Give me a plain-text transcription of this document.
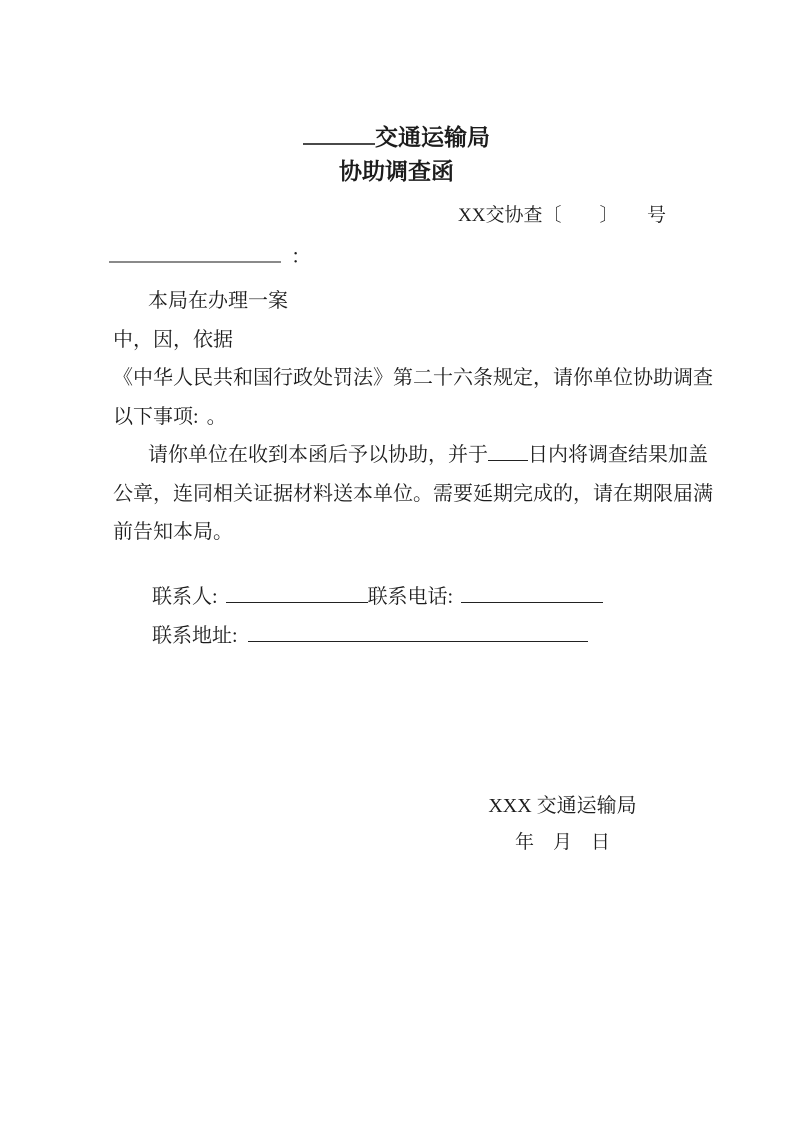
交通运输局
协助调查函
XX交协查〔　　〕　　号
：
本局在办理 一案
中，因 ，依据
《中华人民共和国行政处罚法》第二十六条规定，请你单位协助调查
以下事项: 。
请你单位在收到本函后予以协助，并于 日内将调查结果加盖
公章，连同相关证据材料送本单位。需要延期完成的，请在期限届满
前告知本局。
联系人:	联系电话:
联系地址:
XXX 交通运输局
年　月　日
